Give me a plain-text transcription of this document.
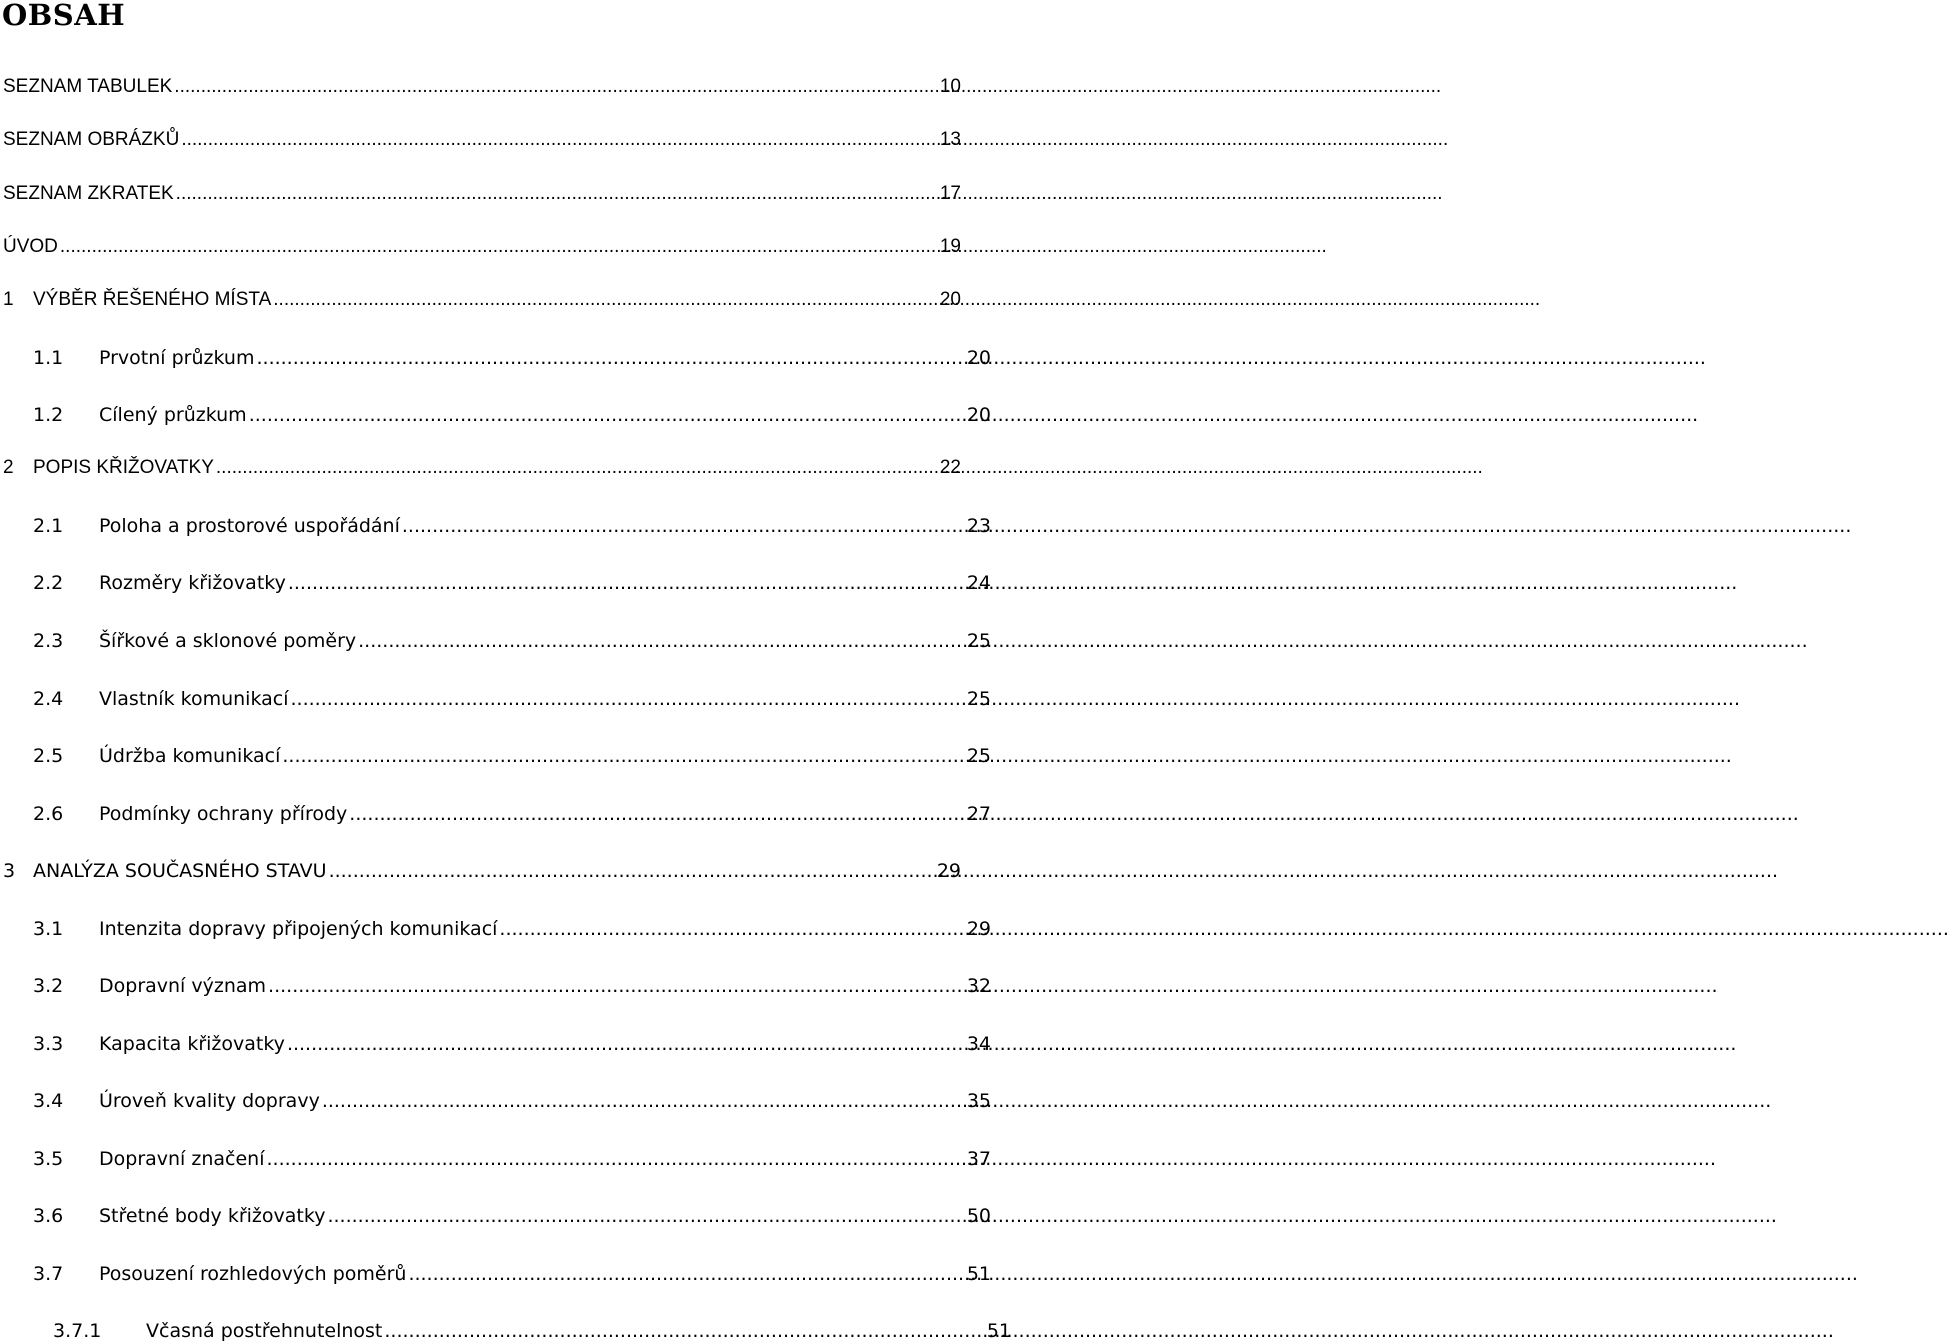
OBSAH
SEZNAM TABULEK .....	10
SEZNAM OBRÁZKŮ .....	13
SEZNAM ZKRATEK .....	17
ÚVOD .....	19
1	VÝBĚR ŘEŠENÉHO MÍSTA .....	20
1.1	Prvotní průzkum .....	20
1.2	Cílený průzkum .....	20
2	POPIS KŘIŽOVATKY .....	22
2.1	Poloha a prostorové uspořádání .....	23
2.2	Rozměry křižovatky .....	24
2.3	Šířkové a sklonové poměry .....	25
2.4	Vlastník komunikací .....	25
2.5	Údržba komunikací .....	25
2.6	Podmínky ochrany přírody .....	27
3 ANALÝZA SOUČASNÉHO STAVU .....	29
3.1	Intenzita dopravy připojených komunikací .....	29
3.2	Dopravní význam .....	32
3.3	Kapacita křižovatky .....	34
3.4	Úroveň kvality dopravy .....	35
3.5	Dopravní značení .....	37
3.6	Střetné body křižovatky .....	50
3.7	Posouzení rozhledových poměrů .....	51
3.7.1	Včasná postřehnutelnost .....	51
